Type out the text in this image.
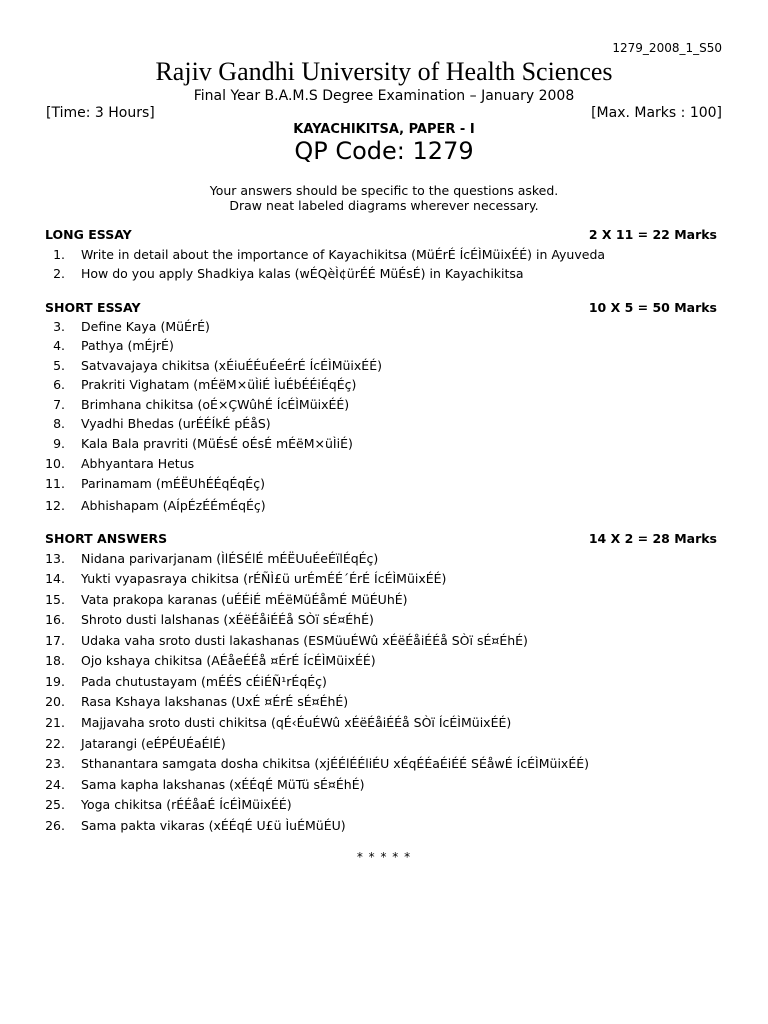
1279_2008_1_S50
Rajiv Gandhi University of Health Sciences
Final Year B.A.M.S Degree Examination – January 2008
[Time: 3 Hours]	[Max. Marks : 100]
KAYACHIKITSA, PAPER - I
QP Code: 1279
Your answers should be specific to the questions asked.
Draw neat labeled diagrams wherever necessary.
LONG ESSAY	2 X 11 = 22 Marks
1. Write in detail about the importance of Kayachikitsa (MüÉrÉ ÍcÉÌMüixÉÉ) in Ayuveda
2. How do you apply Shadkiya kalas (wÉQèÌ¢ürÉÉ MüÉsÉ) in Kayachikitsa
SHORT ESSAY	10 X 5 = 50 Marks
3. Define Kaya (MüÉrÉ)
4. Pathya (mÉjrÉ)
5. Satvavajaya chikitsa (xÉiuÉÉuÉeÉrÉ ÍcÉÌMüixÉÉ)
6. Prakriti Vighatam (mÉëM×üÌiÉ ÌuÉbÉÉiÉqÉç)
7. Brimhana chikitsa (oÉ×ÇWûhÉ ÍcÉÌMüixÉÉ)
8. Vyadhi Bhedas (urÉÉÍkÉ pÉåS)
9. Kala Bala pravriti (MüÉsÉ oÉsÉ mÉëM×üÌiÉ)
10. Abhyantara Hetus
11. Parinamam (mÉËUhÉÉqÉqÉç)
12. Abhishapam (AÍpÉzÉÉmÉqÉç)
SHORT ANSWERS	14 X 2 = 28 Marks
13. Nidana parivarjanam (ÌlÉSÉlÉ mÉËUuÉeÉïlÉqÉç)
14. Yukti vyapasraya chikitsa (rÉÑÌ£ü urÉmÉÉ´ÉrÉ ÍcÉÌMüixÉÉ)
15. Vata prakopa karanas (uÉÉiÉ mÉëMüÉåmÉ MüÉUhÉ)
16. Shroto dusti lalshanas (xÉëÉåiÉÉå SÒï sÉ¤ÉhÉ)
17. Udaka vaha sroto dusti lakashanas (ESMüuÉWû xÉëÉåiÉÉå SÒï sÉ¤ÉhÉ)
18. Ojo kshaya chikitsa (AÉåeÉÉå ¤ÉrÉ ÍcÉÌMüixÉÉ)
19. Pada chutustayam (mÉÉS cÉiÉÑ¹rÉqÉç)
20. Rasa Kshaya lakshanas (UxÉ ¤ÉrÉ sÉ¤ÉhÉ)
21. Majjavaha sroto dusti chikitsa (qÉ‹ÉuÉWû xÉëÉåiÉÉå SÒï ÍcÉÌMüixÉÉ)
22. Jatarangi (eÉPÉUÉaÉlÉ)
23. Sthanantara samgata dosha chikitsa (xjÉÉlÉÉliÉU xÉqÉÉaÉiÉÉ SÉåwÉ ÍcÉÌMüixÉÉ)
24. Sama kapha lakshanas (xÉÉqÉ MüTü sÉ¤ÉhÉ)
25. Yoga chikitsa (rÉÉåaÉ ÍcÉÌMüixÉÉ)
26. Sama pakta vikaras (xÉÉqÉ U£ü ÌuÉMüÉU)
* * * * *
